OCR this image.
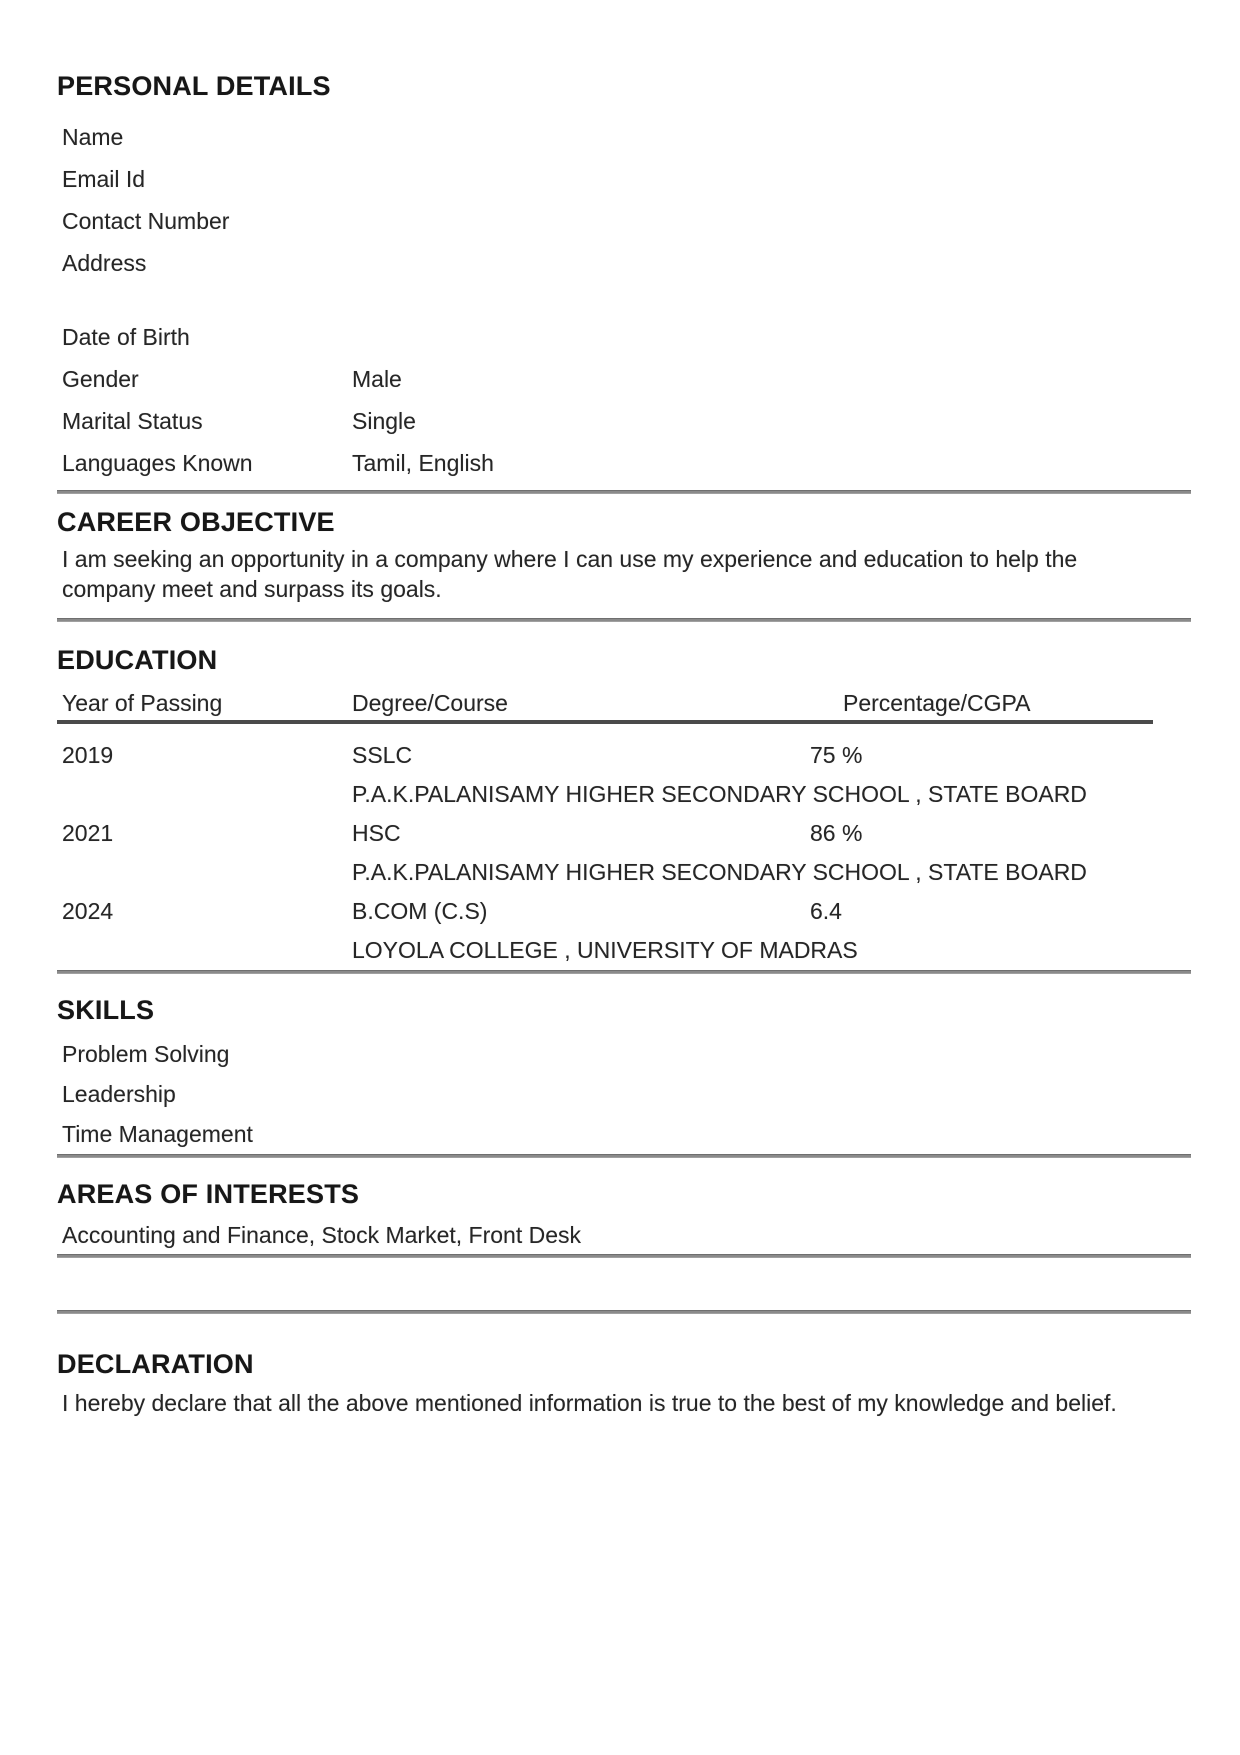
PERSONAL DETAILS
Name
Email Id
Contact Number
Address
Date of Birth
Gender	Male
Marital Status	Single
Languages Known	Tamil, English
CAREER OBJECTIVE

I am seeking an opportunity in a company where I can use my experience and education to help the company meet and surpass its goals.

EDUCATION
Year of Passing	Degree/Course	Percentage/CGPA
2019	SSLC	75 %
P.A.K.PALANISAMY HIGHER SECONDARY SCHOOL , STATE BOARD
2021	HSC	86 %
P.A.K.PALANISAMY HIGHER SECONDARY SCHOOL , STATE BOARD
2024	B.COM (C.S)	6.4
LOYOLA COLLEGE , UNIVERSITY OF MADRAS
SKILLS
Problem Solving
Leadership
Time Management
AREAS OF INTERESTS

Accounting and Finance, Stock Market, Front Desk

DECLARATION

I hereby declare that all the above mentioned information is true to the best of my knowledge and belief.
